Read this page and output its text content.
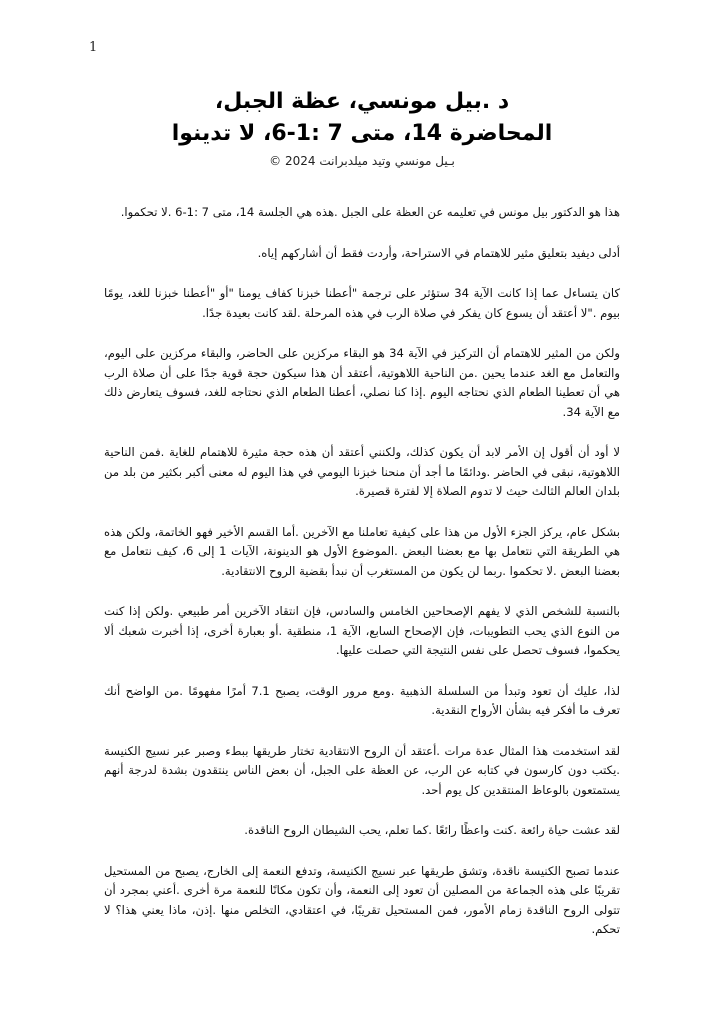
1
د .بيل مونسي، عظة الجبل،
المحاضرة 14، متى 7 :1-6، لا تدينوا
بـيل مونسي وتيد ميلدبرانت 2024 ©

هذا هو الدكتور بيل مونس في تعليمه عن العظة على الجبل .هذه هي الجلسة 14، متى 7 :1-6 .لا تحكموا.

أدلى ديفيد بتعليق مثير للاهتمام في الاستراحة، وأردت فقط أن أشاركهم إياه.

كان يتساءل عما إذا كانت الآية 34 ستؤثر على ترجمة "أعطنا خبزنا كفاف يومنا "أو "أعطنا خبزنا للغد، يومًا بيوم ."لا أعتقد أن يسوع كان يفكر في صلاة الرب في هذه المرحلة .لقد كانت بعيدة جدًا.

ولكن من المثير للاهتمام أن التركيز في الآية 34 هو البقاء مركزين على الحاضر، والبقاء مركزين على اليوم، والتعامل مع الغد عندما يحين .من الناحية اللاهوتية، أعتقد أن هذا سيكون حجة قوية جدًا على أن صلاة الرب هي أن تعطينا الطعام الذي نحتاجه اليوم .إذا كنا نصلي، أعطنا الطعام الذي نحتاجه للغد، فسوف يتعارض ذلك مع الآية 34.

لا أود أن أقول إن الأمر لابد أن يكون كذلك، ولكنني أعتقد أن هذه حجة مثيرة للاهتمام للغاية .فمن الناحية اللاهوتية، نبقى في الحاضر .ودائمًا ما أجد أن منحنا خبزنا اليومي في هذا اليوم له معنى أكبر بكثير من بلد من بلدان العالم الثالث حيث لا تدوم الصلاة إلا لفترة قصيرة.

بشكل عام، يركز الجزء الأول من هذا على كيفية تعاملنا مع الآخرين .أما القسم الأخير فهو الخاتمة، ولكن هذه هي الطريقة التي نتعامل بها مع بعضنا البعض .الموضوع الأول هو الدينونة، الآيات 1 إلى 6، كيف نتعامل مع بعضنا البعض .لا تحكموا .ربما لن يكون من المستغرب أن نبدأ بقضية الروح الانتقادية.

بالنسبة للشخص الذي لا يفهم الإصحاحين الخامس والسادس، فإن انتقاد الآخرين أمر طبيعي .ولكن إذا كنت من النوع الذي يحب التطويبات، فإن الإصحاح السابع، الآية 1، منطقية .أو بعبارة أخرى، إذا أخبرت شعبك ألا يحكموا، فسوف تحصل على نفس النتيجة التي حصلت عليها.

لذا، عليك أن تعود وتبدأ من السلسلة الذهبية .ومع مرور الوقت، يصبح 7.1 أمرًا مفهومًا .من الواضح أنك تعرف ما أفكر فيه بشأن الأرواح النقدية.

لقد استخدمت هذا المثال عدة مرات .أعتقد أن الروح الانتقادية تختار طريقها ببطء وصبر عبر نسيج الكنيسة .يكتب دون كارسون في كتابه عن الرب، عن العظة على الجبل، أن بعض الناس ينتقدون بشدة لدرجة أنهم يستمتعون بالوعاظ المنتقدين كل يوم أحد.

لقد عشت حياة رائعة .كنت واعظًا رائعًا .كما تعلم، يحب الشيطان الروح الناقدة.

عندما تصبح الكنيسة ناقدة، وتشق طريقها عبر نسيج الكنيسة، وتدفع النعمة إلى الخارج، يصبح من المستحيل تقريبًا على هذه الجماعة من المصلين أن تعود إلى النعمة، وأن تكون مكانًا للنعمة مرة أخرى .أعني بمجرد أن تتولى الروح الناقدة زمام الأمور، فمن المستحيل تقريبًا، في اعتقادي، التخلص منها .إذن، ماذا يعني هذا؟ لا تحكم.
